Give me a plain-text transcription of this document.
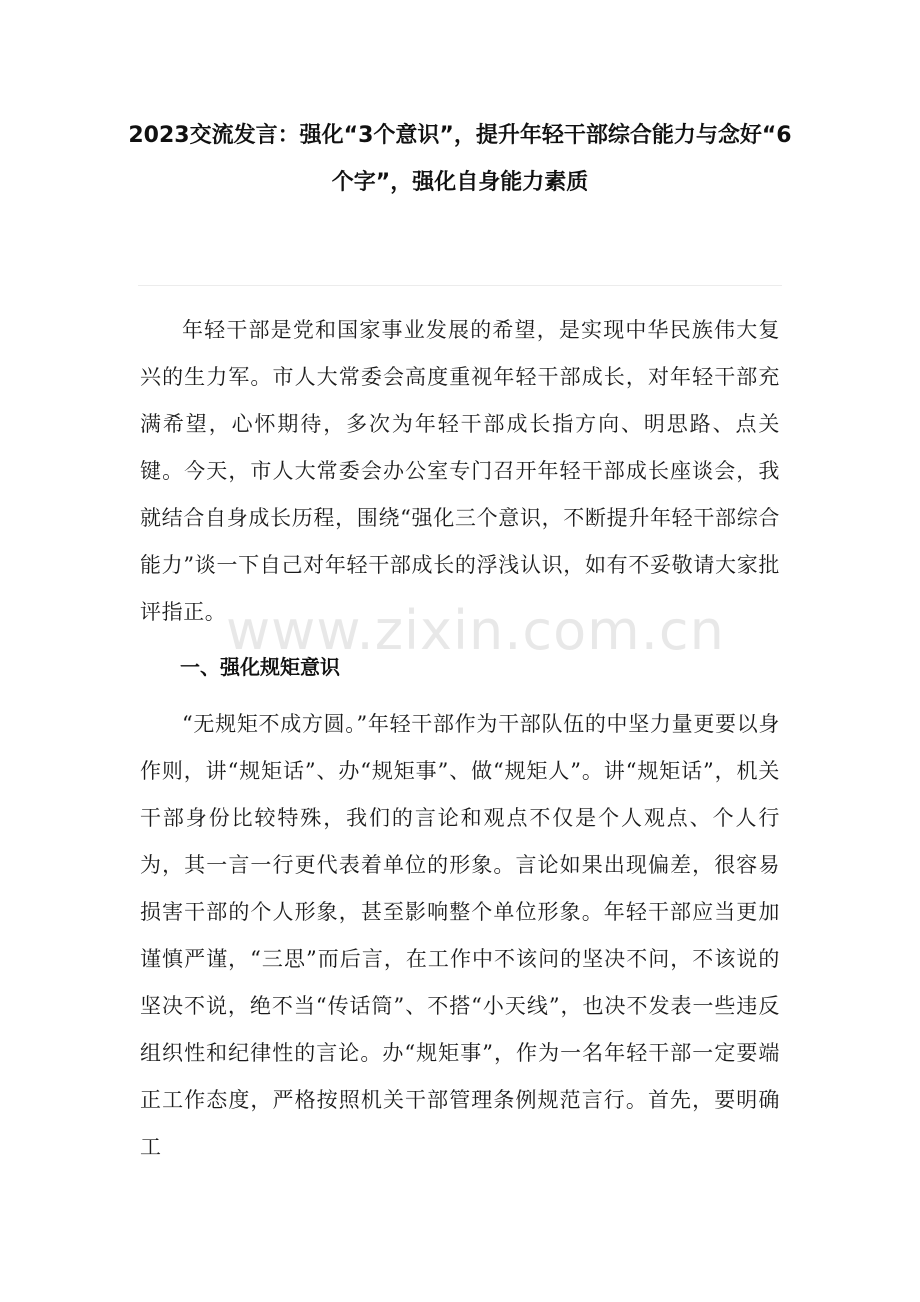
2023交流发言：强化“3个意识”，提升年轻干部综合能力与念好“6个字”，强化自身能力素质

年轻干部是党和国家事业发展的希望，是实现中华民族伟大复兴的生力军。市人大常委会高度重视年轻干部成长，对年轻干部充满希望，心怀期待，多次为年轻干部成长指方向、明思路、点关键。今天，市人大常委会办公室专门召开年轻干部成长座谈会，我就结合自身成长历程，围绕“强化三个意识，不断提升年轻干部综合能力”谈一下自己对年轻干部成长的浮浅认识，如有不妥敬请大家批评指正。

一、强化规矩意识

“无规矩不成方圆。”年轻干部作为干部队伍的中坚力量更要以身作则，讲“规矩话”、办“规矩事”、做“规矩人”。讲“规矩话”，机关干部身份比较特殊，我们的言论和观点不仅是个人观点、个人行为，其一言一行更代表着单位的形象。言论如果出现偏差，很容易损害干部的个人形象，甚至影响整个单位形象。年轻干部应当更加谨慎严谨，“三思”而后言，在工作中不该问的坚决不问，不该说的坚决不说，绝不当“传话筒”、不搭“小天线”，也决不发表一些违反组织性和纪律性的言论。办“规矩事”，作为一名年轻干部一定要端正工作态度，严格按照机关干部管理条例规范言行。首先，要明确工

www.zixin.com.cn
